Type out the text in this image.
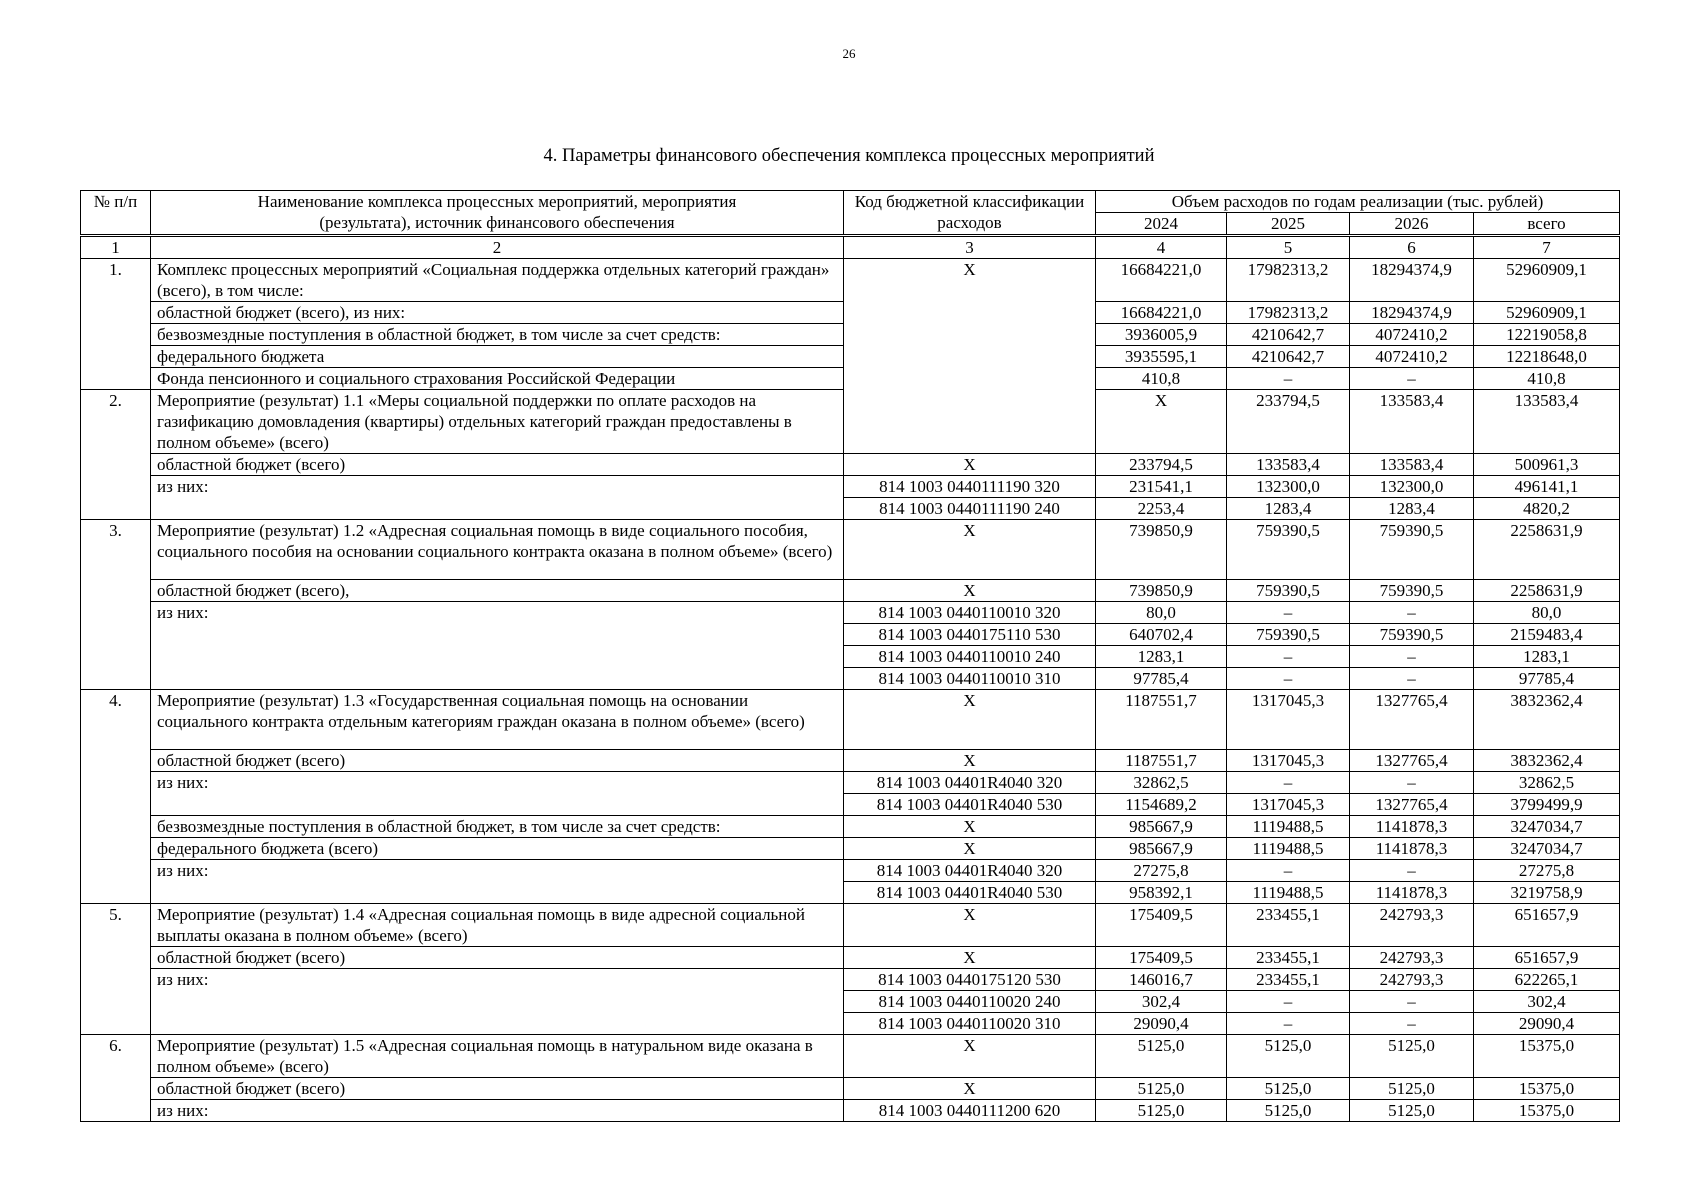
26
4. Параметры финансового обеспечения комплекса процессных мероприятий
№ п/п	Наименование комплекса процессных мероприятий, мероприятия (результата), источник финансового обеспечения	Код бюджетной классификации расходов	Объем расходов по годам реализации (тыс. рублей)				
			2024	2025	2026	всего	
1	2	3	4	5	6	7	
1.	Комплекс процессных мероприятий «Социальная поддержка отдельных категорий граждан» (всего), в том числе:	X	16684221,0	17982313,2	18294374,9	52960909,1	
	областной бюджет (всего), из них:		16684221,0	17982313,2	18294374,9	52960909,1	
	безвозмездные поступления в областной бюджет, в том числе за счет средств:		3936005,9	4210642,7	4072410,2	12219058,8	
	федерального бюджета		3935595,1	4210642,7	4072410,2	12218648,0	
	Фонда пенсионного и социального страхования Российской Федерации		410,8	–	–	410,8	
2.	Мероприятие (результат) 1.1 «Меры социальной поддержки по оплате расходов на газификацию домовладения (квартиры) отдельных категорий граждан предоставлены в полном объеме» (всего)		X	233794,5	133583,4	133583,4	
	областной бюджет (всего)	X	233794,5	133583,4	133583,4	500961,3	
	из них:	814 1003 0440111190 320	231541,1	132300,0	132300,0	496141,1	
		814 1003 0440111190 240	2253,4	1283,4	1283,4	4820,2	
3.	Мероприятие (результат) 1.2 «Адресная социальная помощь в виде социального пособия, социального пособия на основании социального контракта оказана в полном объеме» (всего)	X	739850,9	759390,5	759390,5	2258631,9	
	областной бюджет (всего),	X	739850,9	759390,5	759390,5	2258631,9	
	из них:	814 1003 0440110010 320	80,0	–	–	80,0	
		814 1003 0440175110 530	640702,4	759390,5	759390,5	2159483,4	
		814 1003 0440110010 240	1283,1	–	–	1283,1	
		814 1003 0440110010 310	97785,4	–	–	97785,4	
4.	Мероприятие (результат) 1.3 «Государственная социальная помощь на основании социального контракта отдельным категориям граждан оказана в полном объеме» (всего)	X	1187551,7	1317045,3	1327765,4	3832362,4	
	областной бюджет (всего)	X	1187551,7	1317045,3	1327765,4	3832362,4	
	из них:	814 1003 04401R4040 320	32862,5	–	–	32862,5	
		814 1003 04401R4040 530	1154689,2	1317045,3	1327765,4	3799499,9	
	безвозмездные поступления в областной бюджет, в том числе за счет средств:	X	985667,9	1119488,5	1141878,3	3247034,7	
	федерального бюджета (всего)	X	985667,9	1119488,5	1141878,3	3247034,7	
	из них:	814 1003 04401R4040 320	27275,8	–	–	27275,8	
		814 1003 04401R4040 530	958392,1	1119488,5	1141878,3	3219758,9	
5.	Мероприятие (результат) 1.4 «Адресная социальная помощь в виде адресной социальной выплаты оказана в полном объеме» (всего)	X	175409,5	233455,1	242793,3	651657,9	
	областной бюджет (всего)	X	175409,5	233455,1	242793,3	651657,9	
	из них:	814 1003 0440175120 530	146016,7	233455,1	242793,3	622265,1	
		814 1003 0440110020 240	302,4	–	–	302,4	
		814 1003 0440110020 310	29090,4	–	–	29090,4	
6.	Мероприятие (результат) 1.5 «Адресная социальная помощь в натуральном виде оказана в полном объеме» (всего)	X	5125,0	5125,0	5125,0	15375,0	
	областной бюджет (всего)	X	5125,0	5125,0	5125,0	15375,0	
	из них:	814 1003 0440111200 620	5125,0	5125,0	5125,0	15375,0	
